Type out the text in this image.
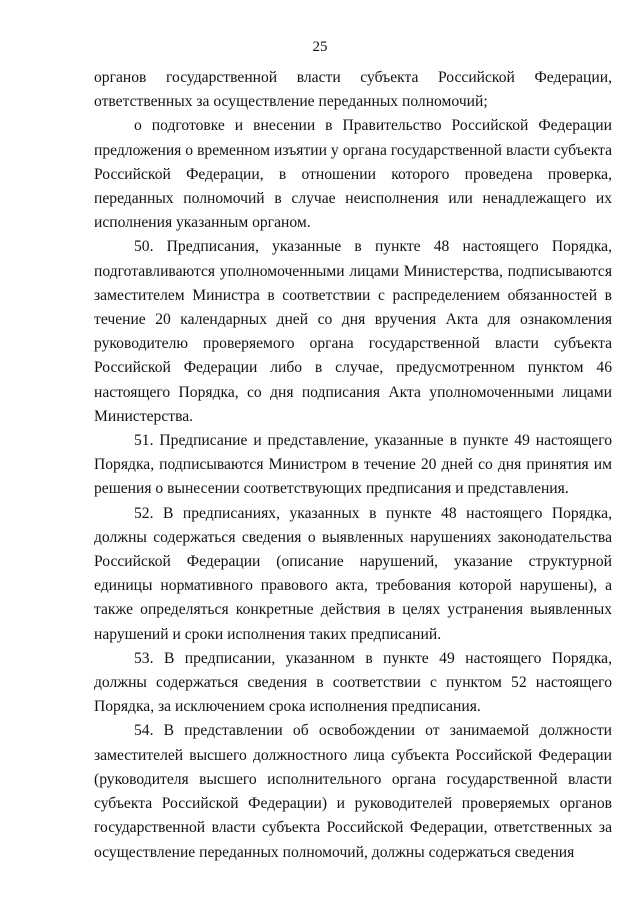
25

органов государственной власти субъекта Российской Федерации, ответственных за осуществление переданных полномочий;

о подготовке и внесении в Правительство Российской Федерации предложения о временном изъятии у органа государственной власти субъекта Российской Федерации, в отношении которого проведена проверка, переданных полномочий в случае неисполнения или ненадлежащего их исполнения указанным органом.

50. Предписания, указанные в пункте 48 настоящего Порядка, подготавливаются уполномоченными лицами Министерства, подписываются заместителем Министра в соответствии с распределением обязанностей в течение 20 календарных дней со дня вручения Акта для ознакомления руководителю проверяемого органа государственной власти субъекта Российской Федерации либо в случае, предусмотренном пунктом 46 настоящего Порядка, со дня подписания Акта уполномоченными лицами Министерства.

51. Предписание и представление, указанные в пункте 49 настоящего Порядка, подписываются Министром в течение 20 дней со дня принятия им решения о вынесении соответствующих предписания и представления.

52. В предписаниях, указанных в пункте 48 настоящего Порядка, должны содержаться сведения о выявленных нарушениях законодательства Российской Федерации (описание нарушений, указание структурной единицы нормативного правового акта, требования которой нарушены), а также определяться конкретные действия в целях устранения выявленных нарушений и сроки исполнения таких предписаний.

53. В предписании, указанном в пункте 49 настоящего Порядка, должны содержаться сведения в соответствии с пунктом 52 настоящего Порядка, за исключением срока исполнения предписания.

54. В представлении об освобождении от занимаемой должности заместителей высшего должностного лица субъекта Российской Федерации (руководителя высшего исполнительного органа государственной власти субъекта Российской Федерации) и руководителей проверяемых органов государственной власти субъекта Российской Федерации, ответственных за осуществление переданных полномочий, должны содержаться сведения
